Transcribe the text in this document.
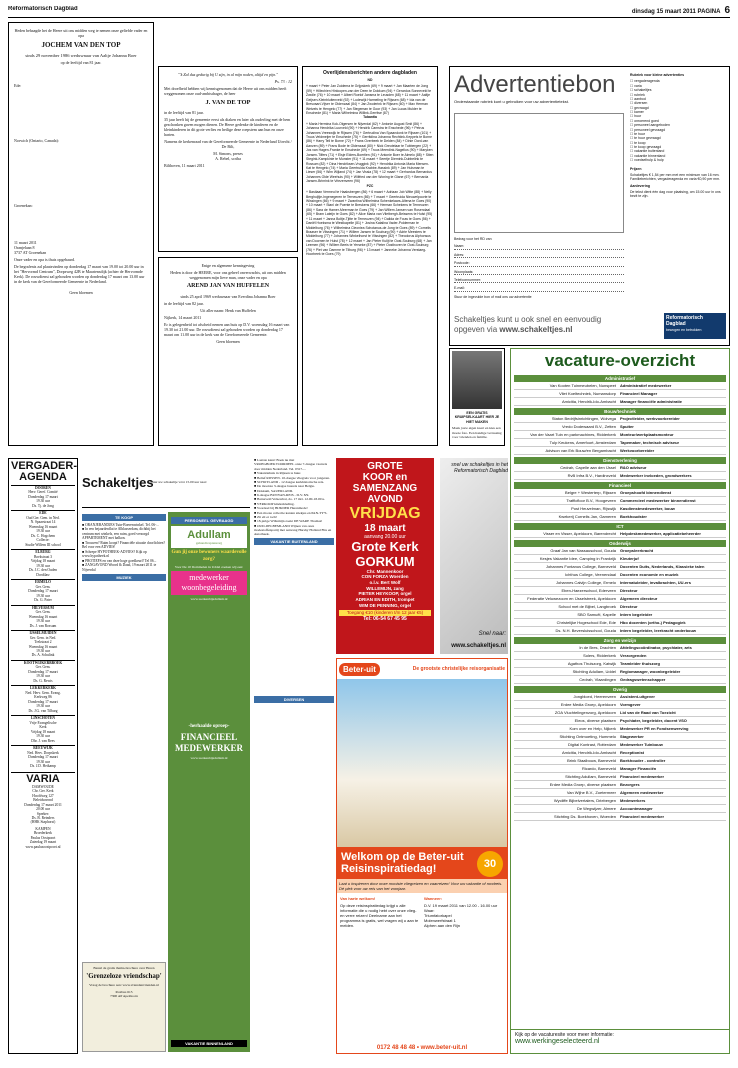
Reformatorisch Dagblad	dinsdag 15 maart 2011 PAGINA 6

Heden behaagde het de Heere uit ons midden weg te nemen onze geliefde vader en opa

JOCHEM VAN DEN TOP

sinds 29 november 1986 weduwnaar van Aaltje Johanna Boer

op de leeftijd van 81 jaar.

Ede:

Norwich (Ontario, Canada):

Groenekan:

11 maart 2011
Oranjelaan 8
3737 AT Groenekan

Onze vader en opa is thuis opgebaard.

De begrafenis zal plaatsvinden op donderdag 17 maart van 19.00 tot 20.00 uur in het "Hervormd Centrum", Dorpsweg 42B te Maartensdijk (achter de Hervormde Kerk). De rouwdienst zal gehouden worden op donderdag 17 maart om 13.00 uur in de kerk van de Gereformeerde Gemeente in Nederland.

Geen bloemen

"'k Zal dus gedurig bij U zijn, in al mijn noden, altijd en pijn."

Ps. 73 : 12

Met droefheid hebben wij kennisgenomen dat de Heere uit ons midden heeft weggenomen onze oud-ambtsdrager, de heer

J. VAN DE TOP

in de leeftijd van 81 jaar.

35 jaar heeft hij de gemeente eerst als diaken en later als ouderling met de hem geschonken gaven mogen dienen. De Heere gedenke de kinderen en de kleinkinderen in dit grote verlies en heilige deze roepstem aan hun en onze harten.

Namens de kerkenraad van de Gereformeerde Gemeente in Nederland Utrecht / De Bilt,

M. Simons, preses
A. Rebel, scriba

Bilthoven, 11 maart 2011

Enige en algemene kennisgeving

Heden is door de HEERE, voor ons geheel onverwachts, uit ons midden weggenomen mijn lieve man, onze vader en opa

AREND JAN VAN HUFFELEN

sinds 25 april 1969 weduwnaar van Everdina Johanna Boer

in de leeftijd van 82 jaar.

Uit aller naam: Henk van Huffelen

Nijkerk, 14 maart 2011

Er is gelegenheid tot afscheid nemen aan huis op D.V. woensdag 16 maart van 19.30 tot 21.00 uur. De rouwdienst zal gehouden worden op donderdag 17 maart om 11.00 uur in de kerk van de Gereformeerde Gemeente.

Geen bloemen

Overlijdensberichten andere dagbladen

ND

+ maart + Peter Jan Zuidema te Grijpskerk (69) + 9 maart + Jan Maarten de Jong (59) + Hillechien Hinloopen-van der Deen te Dokkum (94) + Gerardus Sonneveld te Zwolle (76) + 10 maart + Albert Roelof Jansma te Leusden (68) + 11 maart + Aaltje Geijsen-Kleinbluitenveld (92) + Ludewijk Harmeling te Rijssen (68) + Ida van de Bresvaart-Vijver te Oldenzaal (84) + Jan Zwolerink te Rijssen (60) + Max Herman Wetzels te Hengelo (77) + Jan Stegeman te Goor (93) + Jan Lucas Mulder te Enschede (81) + Maria Wilhelmina Willink-Gerritse (87)

Tubantia

+ Maria Hermina Kok-Otgersen te Nijverdal (62) + Antonie August Smit (86) + Johanna Hendrika Luurveld (90) + Hendrik Camstra te Enschede (96) + Petrus Johannes Vreeswijk te Rijssen (76) + Gertrudina Van Spaandonk te Rijssen (101) + Truus Veldmeijer te Enschede (75) + Gerritdina Johanna Rechtink-Keppels te Borne (86) + Harry Tell te Borne (72) + Frans Overbeek te Delden (84) + Dinie Oord-van Aanzen (89) + Frans Bode te Oldenzaal (80) + Nick Greutelaar te Tubbergen (22) + Jos van Hagen-Franke te Enschede (69) + Truus Meerdink-Nagelius (90) + Maryken Jonsen-Tilfers (71) + Elsje Elders-Boertien (91) + Antonie Boer te Almelo (88) + Stien Stegink-Kampkinie te Munster (91) + 11 maart + Seertje Diemink-Dubbelink te Rossum (82) + Dina Hendriksen-Vruggink (92) + Hendrika Antonia Maria Mensen-Kat te Hengelo (74) + Maria Geertruida Krabbe-Hassink (89) + Jan Hulsman te Lieser (56) + Wim Wijland (74) + Jan Vissia (78) + 12 maart + Gerhardus Bernardus Johannes Olde Weehuis (90) + Wilfried van der Woning te Glane (67) + Bernarda Jansen-Brinrink te Vriezenveen (96)

PZC

+ Bastiaan Vermeul te Haaksbergen (86) + 6 maart + Adriaan Job Witte (88) + Nelly Berghuijtje-Ingenegeren te Terneuzen (86) + 7 maart + Geertruida Nieuwelpoorte te Wissingen (66) + 9 maart + Zwantina Wilhelmina Schenkelaars-Altena te Goes (90) + 10 maart + Stanl de Puente te Breskens (66) + Herman Schekens te Terneuzen (86) + Sara de Hamer-Meerman te Goes (79) + Jan Willem Jansen van Rosendaal (65) + Bram Lateijn te Goes (82) + Alice Maria van Vlietbergh-Beissens te Hulst (95) + 11 maart + Janna Boltje-Tjitte te Terneuzen (94) + Dalida de Fouw te Goes (56) + Daniël Hoeksma te Westkapelle (81) + Josina Katalina Vader-Polderman te Middelburg (76) + Wilhelmina Cleoniea Schotanus-de Jong te Goes (89) + Cornelis Braaser te Vlissingen (71) + Willem Jansen te Souburg (90) + Adrie Meesters te Middelburg (77) + Johannes Winkelhorst te Vlissingen (82) + Theodorus Alphonsus van Doornen te Hulst (78) + 12 maart + Jan Pieter Kulijt te Oost-Souburg (68) + Jan Leemen (96) + Willem Beeis te Yerseke (87) + Pieter Oosthoven te Oost-Souburg (76) + Piet van Damme te Tilburg (96) + 13 maart + Janneke Johanna Verstaeg-Hoorbeek te Goes (79)
Advertentiebon

Onderstaande rubriek kunt u gebruiken voor uw advertentietekst.

Bedrag voor het RD van

Naam:
Adres:
Postcode:
Woonplaats:
Telefoonnummer:
E-mail:

Stuur de ingevulde bon of mail ons uw advertentie

Rubriek voor kleine advertenties

☐ vergaderagenda
☐ varia
☐ schakeltjes
☐ rubriek
☐ aanbod
☐ diversen
☐ gevraagd
☐ kamer
☐ huur
☐ onroerend goed
☐ personeel aangeboden
☐ personeel gevraagd
☐ te huur
☐ te huur gevraagd
☐ te koop
☐ te koop gevraagd
☐ vakantie buitenland
☐ vakantie binnenland
☐ voedselhulp & hulp

Prijzen

Schakeltjes € 1,54 per mm met een minimum van 16 mm. Familieberichten, vergaderagenda en varia €0,90 per mm.

Aanlevering

De tekst dient één dag voor plaatsing, om 15.00 uur in ons bezit te zijn.

Schakeltjes kunt u ook snel en eenvoudig
opgeven via www.schakeltjes.nl
Reformatorisch Dagblad
bewogen en betrokken

EEN GRATIS KRUIPSELKAART HIER JE HIET MAKEN

Maak jouw eigen kaart en kies een mooie foto. Een handige verrassing voor vrienden en familie.

vacature-overzicht
Administratief
Van Kooten Tuinmeubelen, Nunspeet	Administratief medewerker
Vliet Koeltechniek, Numansdorp	Financieel Manager
Amicitia, Hendrik-Ido-Ambacht	Manager financiële administratie
Bouw/techniek
Staton Bedrijfsinrichtingen, Wolvega	Projectleider, werkvoorbereider
Vredo Dodewaard B.V., Zetten	Spuiter
Van der Vaart Tuin en parkmachines, Ridderkerk	Monteur/werkplaatsmonteur
Tulp Keukens, Amerfoort, Amsterdam	Tapemaker, technisch adviseur
Advison van Erk Bouw/en Bergambacht	Werkvoorbereider
Dienstverlening
Cedrah, Capelle aan den IJssel	R&O adviseur
RvB Infra B.V., Hardinxveld	Medewerker invloeden, grondwerkers
Financieel
Belgre + Westerterp, Rijssen	Groepshoofd binnendienst
Trafficfloor B.V., Hoogeveen	Commercieel medewerker binnendienst
Post Heuvelman, Rijswijk	Kasdienstmedewerker, bouw
Kwekerij Cornelis Jan, Gameren	Boekhoudster
ICT
Visser en Visser, Apeldoorn, Barendrecht	Helpdeskmedewerker, applicatiebeheerder
Onderwijs
Graaf Jan van Nassauschool, Gouda	Groepsleerkracht
Kesjes Vakantie Idee, Camping in Frankrijk	Kleuterjuf
Johannes Fontanus College, Barneveld	Docenten Duits, Nederlands, Klassieke talen
Ichthus College, Veenendaal	Docenten economie en muziek
Johannes Calvijn College, Ermelo	Internatuleider, invalkrachten, UU-ers
Eben-Haezerschool, Ederveen	Directeur
Federatie Veluwezoom en IJsselstreek, Apeldoorn	Algemeen directeur
School met de Bijbel, Langbroek	Directeur
SBO Samuël, Kapelle	Intern begeleider
Christelijke Hogeschool Ede, Ede	Hbo docenten (ortho-) Pedagogiek
Ds. N.H. Beversluisschool, Gouda	Intern begeleider, leerkracht onderbouw
Zorg en welzijn
In de Bres, Drachten	Afdelingscoördinator, psychiater, arts
Solers, Ridderkerk	Verzorgenden
Agathos Thuiszorg, Katwijk	Teamleider thuiszorg
Stichting Adullam, Uddel	Regiomanager, woonbegeleider
Cedrah, Vlaardingen	Gedragswetenschapper
Overig
Jongbloed, Heerenveen	Assistent-uitgever
Erdee Media Groep, Apeldoorn	Vormgever
ZOA Vluchtelingenzorg, Apeldoorn	Lid van de Raad van Toezicht
Eleos, diverse plaatsen	Psychiater, begeleider, docent VSO
Kom over en Help, Nijkerk	Medewerker PR en Fondsenwerving
Stichting Ontmoeting, Hummelo	Stagewerker
Digital Kontrast, Rotterdam	Medewerker Tuinbouw
Amicitia, Hendrik-Ido-Ambacht	Receptionist
Brink Staalbouw, Barneveld	Boekhouder - controller
Ricardo, Barneveld	Manager Financiën
Stichting Adullam, Barneveld	Financieel medewerker
Erdee Media Groep, diverse plaatsen	Bezorgers
Van Wijhe B.V., Zoetermeer	Algemeen medewerker
Wycliffe Bijbelvertalers, Driebergen	Medewerkers
De Wegwijzer, Almere	Accountmanager
Stichting Ds. Boekhoven, Woerden	Financieel medewerker
Kijk op de vacaturesite voor meer informatie:
www.werkingeselecteerd.nl
VERGADER-AGENDA
DOOREN
Herv. Geref. Comité
Donderdag 17 maart
19.30 uur
Ds. Tj. de Jong
EDE
Oud Ger. Gem. in Ned.
N. Spaarstraat 14
Woensdag 16 maart
19.30 uur
Ds. C. Hogchem
Collecte:
Studie Willem III school
ELBURG
Boekstraat 3
Vrijdag 18 maart
19.30 uur
Ds. J.C. den Ouden
Dordtlaw
ERMELO
Ger. Gem.
Donderdag 17 maart
19.30 uur
Ds. G. Pater
HILVERSUM
Ger. Gem.
Woensdag 16 maart
19.30 uur
Ds. J. van Rossum
IJSSELMUIDEN
Ger. Gem. in Ned.
Trekstraat 2
Woensdag 16 maart
19.30 uur
Ds. A. Schulink
KOOTWIJKERBROEK
Ger. Gem.
Donderdag 17 maart
19.30 uur
Ds. G. Rewis
LEKKERKERK
Ned. Herv. Gem. Evang.
Kerkweg 86
Donderdag 17 maart
19.30 uur
Ds. J.G. van Tilburg
LINSCHOTEN
Vrije Evangelische
Kerk
Vrijdag 18 maart
19.30 uur
Dhr. J. van Rees
REEUWIJK
Ned. Herv. Dorpskerk
Donderdag 17 maart
19.30 uur
Ds. J.D. Heikamp
VARIA

DAMWOUDE
Chr. Ger. Kerk
Hoofdweg 127
Beleidsavond
Donderdag 17 maart 2011
20.00 uur
Spreker:
Ds. B. Reinders
(HHK Staphorst)

KAMPEN
Broederkerk
Paulus Oostpoort
Zaterdag 19 maart
www.paulusoostpoort.nl

Schakeltjes
Stuur uw schakeltje vóór 15.00 uur naar:
TE KOOP

■ ORANJEBANDJES Tuin-Boerenwinkel. Tel. 06-...
■ In een bejaardenflat te Alblasserdam, dichtbij het centrum met winkels, een ruim, goed verzorgd APPARTEMENT met balkon.
■ Trouwen? Ruim koopt? Financiële situatie doorlichten? Bel voor een ADVIES!
■ Schrepe HYPOTHEEK-ADVIES? Kijk op www.hypotheek.nl
■ PROTIEFS en van deze hoge goedkeurl! Tel 06...
■ ZANGAVOND Woord & Daad, 19 maart 2011 te Nijverdal

MUZIEK

Bestel de gratis thema-brochure over Heren

'Grenzeloze vriendschap'

Vraag de brochure aan: www.vriendenvrienden.nl

Postbus 615
7300 AP Apeldoorn

PERSONEEL GEVRAAGD
Adullam
gehandicaptenzorg

Gun jij onze bewoners waardevolle zorg?

Voor De 10 Dommelen in Uddel zoeken wij een:

medewerker woonbegeleiding

www.werkenbijadullam.nl

-herhaalde oproep-

FINANCIEEL MEDEWERKER

www.werkenbijadullam.nl

VAKANTIE BINNENLAND

■ Laatste kans! Boek nu met VROEGBOEKVOORDEEL onze 7-daagse vaarreis door midden Nederland. Tel. 0317-...
■ Vakantiehuis in Rijssen te huur.
■ Belief RIJSSEN. 10-daagse vliegreis voor jongeren.
■ SCHOTLAND - 12 daagse kerkhistorische reis.
■ De mooiste 3-daagse busreis naar Belgie.
■ Dokkum, SAUERLAND.
■ 6-daagse BUNYAN-REIS - D.V. 8/9.
■ Barneveld Velsewhal, do. 17 mrt. 12.00-18.00 u.
■ VERKOOP kinderkleding.
■ Voordeel bij BIJKDER Herenmode!
■ Een mooie collectie kanten stiekjes en PAN-TY'S.
■ Zit elt er toch!
■ 18-jarige Willemijn zoekt DE WARE Thomas!
■ OUD-IJELBEMLAND Wijnen van onze modestoffenpartij met aanvang Harshy Holland Fitu en Autotheek.

VAKANTIE BUITENLAND
DIVERSEN
GROTE
KOOR en
SAMENZANG
AVOND
VRIJDAG
18 maart
aanvang 20.00 uur
Grote Kerk
GORKUM
Chr. Mannenkoor
CON FORZA Woerden
o.l.v. Bert Wolf
WILLEMIJN, zang
PIETER HEYKOOP, orgel
ADRIAN EN EDITH, trompet
WIM DE PENNING, orgel
Toegang €10 (kinderen t/m 12 jaar €5)
Tel: 06-54 67 45 95
snel uw schakeltjes in het
Reformatorisch Dagblad
Snel naar:
www.schakeltjes.nl
Beter-uit	De grootste christelijke reisorganisatie
Welkom op de Beter-uit
Reisinspiratiedag!	30
Laat u inspireren door onze mooiste vliegreizen en vaarreizen! Voor uw vakantie of rondreis. Dé plek voor uw reis van het voorjaar.

Van harte welkom!

Op deze reisinspiratiedag krijgt u alle informatie die u nodig hebt over onze vlieg- en verre reizen! Deelname aan het programma is gratis, wel vragen wij u aan te melden.

Wanneer:

D.V. 19 maart 2011 van 12.00 - 16.00 uur
Waar:
Triumfatorkapel
Molenwerfstraat 1
Alphen aan den Rijn

0172 48 48 48 • www.beter-uit.nl
